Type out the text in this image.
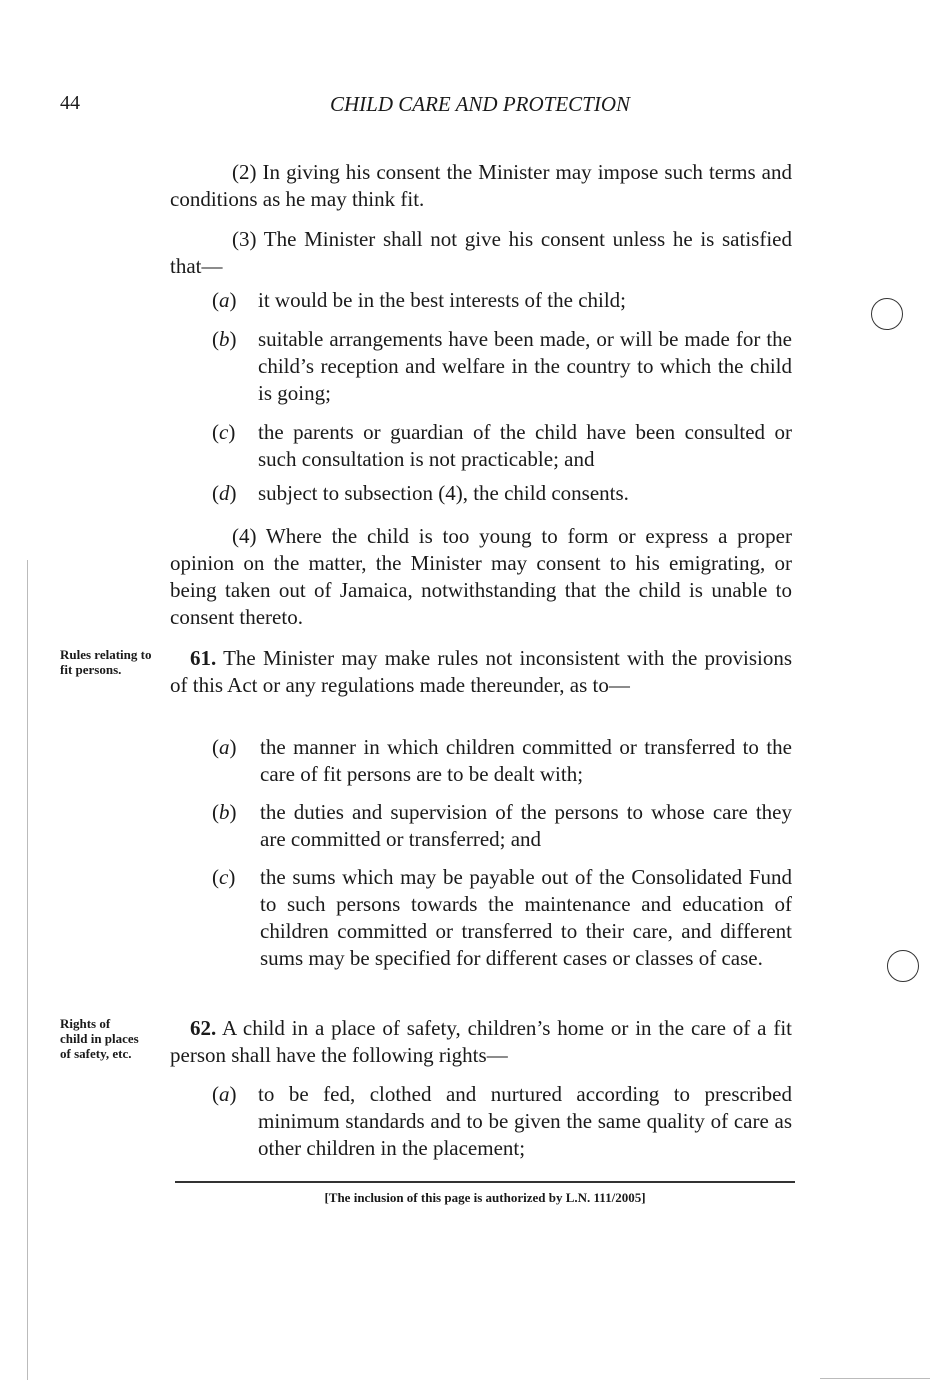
44	CHILD CARE AND PROTECTION
(2) In giving his consent the Minister may impose such terms and conditions as he may think fit.
(3) The Minister shall not give his consent unless he is satisfied that—
(a) it would be in the best interests of the child;
(b) suitable arrangements have been made, or will be made for the child’s reception and welfare in the country to which the child is going;
(c) the parents or guardian of the child have been consulted or such consultation is not practicable; and
(d) subject to subsection (4), the child consents.
(4) Where the child is too young to form or express a proper opinion on the matter, the Minister may consent to his emigrating, or being taken out of Jamaica, notwithstanding that the child is unable to consent thereto.
Rules relating to fit persons.	61. The Minister may make rules not inconsistent with the provisions of this Act or any regulations made thereunder, as to—
(a) the manner in which children committed or transferred to the care of fit persons are to be dealt with;
(b) the duties and supervision of the persons to whose care they are committed or transferred; and
(c) the sums which may be payable out of the Consolidated Fund to such persons towards the maintenance and education of children committed or transferred to their care, and different sums may be specified for different cases or classes of case.
Rights of child in places of safety, etc.
62. A child in a place of safety, children’s home or in the care of a fit person shall have the following rights—
(a) to be fed, clothed and nurtured according to prescribed minimum standards and to be given the same quality of care as other children in the placement;
[The inclusion of this page is authorized by L.N. 111/2005]
